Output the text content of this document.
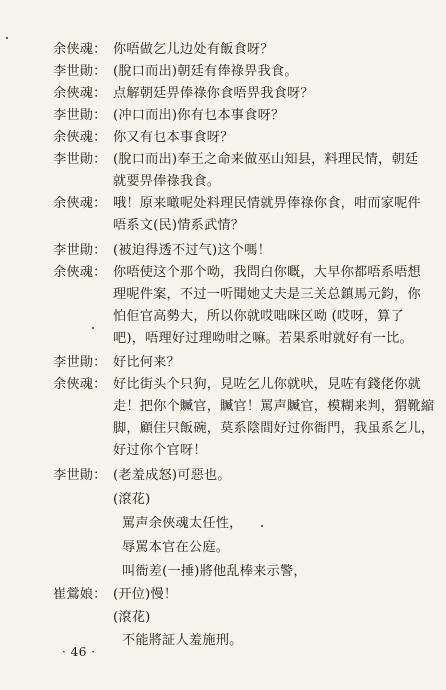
余侠魂： 你唔做乞儿边处有飯食呀？
李世勛： (脫口而出)朝廷有俸祿畀我食。
余俠魂： 点解朝廷畀俸祿你食唔畀我食呀？
李世勛： (冲口而出)你有乜本事食呀？
余俠魂： 你又有乜本事食呀？
李世勛： (脫口而出)奉王之命来做巫山知县，料理民情，朝廷
就要畀俸祿我食。
余俠魂： 哦！原来噉呢处料理民情就畀俸祿你食，咁而家呢件
唔系文(民)情系武情？
李世勛： (被迫得透不过气)这个嗎！
余俠魂： 你唔使这个那个呦，我問白你嘅，大早你都唔系唔想
理呢件案，不过一听聞她丈夫是三关总鎮馬元鈞，你
怕佢官高勢大，所以你就哎咄咪区呦 (哎呀，算了
吧)，唔理好过理呦咁之嘛。若果系咁就好有一比。
李世勛： 好比何来？
余俠魂： 好比街头个只狗，見咗乞儿你就吠，見咗有錢佬你就
走！把你个贓官，贓官！罵声贓官，模糊来判，猬靴縮
脚，顧住只飯碗，莫系陰間好过你衙門，我虽系乞儿，
好过你个官呀！
李世勛： (老羞成怒)可惡也。
(滾花)
罵声余俠魂太任性，
辱罵本官在公庭。
叫衙差(一捶)將他乱棒来示警，
崔鶯娘： (开位)慢！
(滾花)
不能將証人羞施刑。
· 46 ·
